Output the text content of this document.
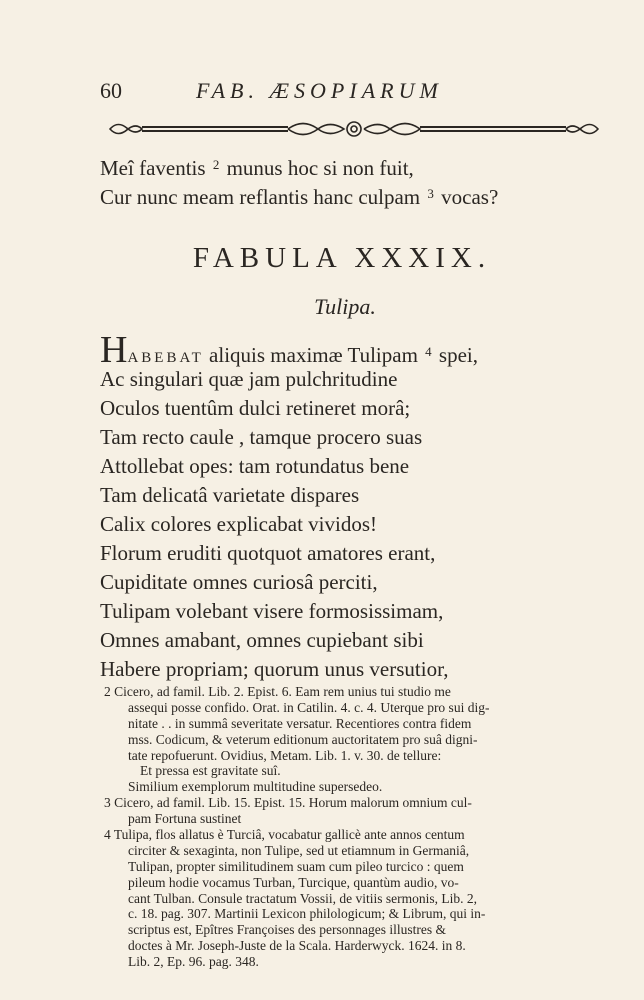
60	FAB. ÆSOPIARUM
Meî faventis $^2$ munus hoc si non fuit,
Cur nunc meam reflantis hanc culpam $^3$ vocas?
FABULA XXXIX.
Tulipa.
HABEBAT aliquis maximæ Tulipam $^4$ spei,
Ac singulari quæ jam pulchritudine
Oculos tuentûm dulci retineret morâ;
Tam recto caule , tamque procero suas
Attollebat opes: tam rotundatus bene
Tam delicatâ varietate dispares
Calix colores explicabat vividos!
Florum eruditi quotquot amatores erant,
Cupiditate omnes curiosâ perciti,
Tulipam volebant visere formosissimam,
Omnes amabant, omnes cupiebant sibi
Habere propriam; quorum unus versutior,
2 Cicero, ad famil. Lib. 2. Epist. 6. Eam rem unius tui studio me
assequi posse confido. Orat. in Catilin. 4. c. 4. Uterque pro sui dig-
nitate . . in summâ severitate versatur. Recentiores contra fidem
mss. Codicum, & veterum editionum auctoritatem pro suâ digni-
tate repofuerunt. Ovidius, Metam. Lib. 1. v. 30. de tellure:
Et pressa est gravitate suî.
Similium exemplorum multitudine supersedeo.
3 Cicero, ad famil. Lib. 15. Epist. 15. Horum malorum omnium cul-
pam Fortuna sustinet
4 Tulipa, flos allatus è Turciâ, vocabatur gallicè ante annos centum
circiter & sexaginta, non Tulipe, sed ut etiamnum in Germaniâ,
Tulipan, propter similitudinem suam cum pileo turcico : quem
pileum hodie vocamus Turban, Turcique, quantùm audio, vo-
cant Tulban. Consule tractatum Vossii, de vitiis sermonis, Lib. 2,
c. 18. pag. 307. Martinii Lexicon philologicum; & Librum, qui in-
scriptus est, Epîtres Françoises des personnages illustres &
doctes à Mr. Joseph-Juste de la Scala. Harderwyck. 1624. in 8.
Lib. 2, Ep. 96. pag. 348.
